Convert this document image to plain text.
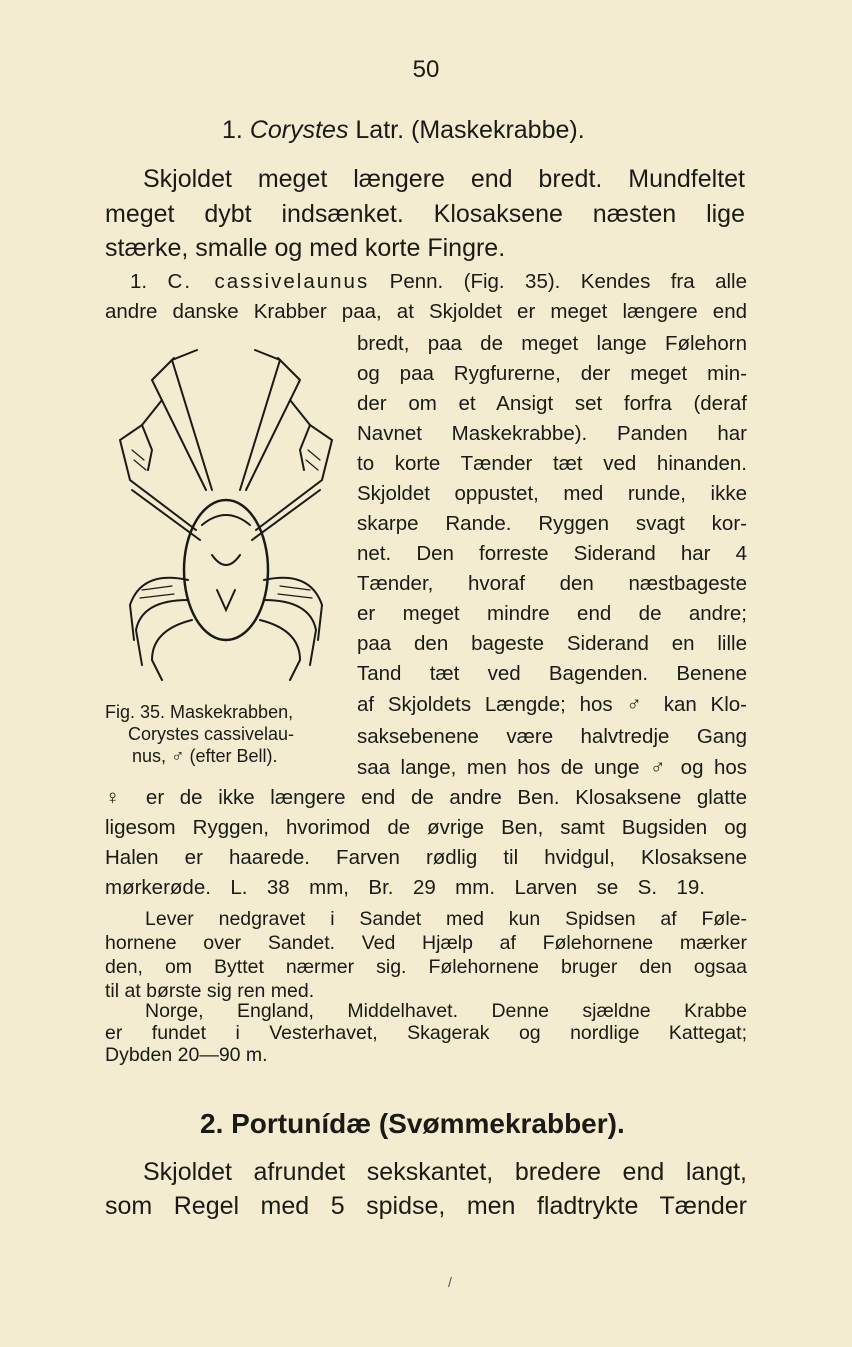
50
1. Corystes Latr. (Maskekrabbe).
Skjoldet meget længere end bredt. Mundfeltet
meget dybt indsænket. Klosaksene næsten lige
stærke, smalle og med korte Fingre.
1. C. cassivelaunus Penn. (Fig. 35). Kendes fra alle
andre danske Krabber paa, at Skjoldet er meget længere end
bredt, paa de meget lange Følehorn
og paa Rygfurerne, der meget min-
der om et Ansigt set forfra (deraf
Navnet Maskekrabbe). Panden har
to korte Tænder tæt ved hinanden.
Skjoldet oppustet, med runde, ikke
skarpe Rande. Ryggen svagt kor-
net. Den forreste Siderand har 4
Tænder, hvoraf den næstbageste
er meget mindre end de andre;
paa den bageste Siderand en lille
Tand tæt ved Bagenden. Benene
af Skjoldets Længde; hos ♂ kan Klo-
saksebenene være halvtredje Gang
saa lange, men hos de unge ♂ og hos
♀ er de ikke længere end de andre Ben. Klosaksene glatte
ligesom Ryggen, hvorimod de øvrige Ben, samt Bugsiden og
Halen er haarede. Farven rødlig til hvidgul, Klosaksene
mørkerøde. L. 38 mm, Br. 29 mm. Larven se S. 19.
Fig. 35. Maskekrabben,
Corystes cassivelau-
nus, ♂ (efter Bell).
Lever nedgravet i Sandet med kun Spidsen af Føle-
hornene over Sandet. Ved Hjælp af Følehornene mærker
den, om Byttet nærmer sig. Følehornene bruger den ogsaa
til at børste sig ren med.
Norge, England, Middelhavet. Denne sjældne Krabbe
er fundet i Vesterhavet, Skagerak og nordlige Kattegat;
Dybden 20—90 m.
2. Portunídæ (Svømmekrabber).
Skjoldet afrundet sekskantet, bredere end langt,
som Regel med 5 spidse, men fladtrykte Tænder
/
